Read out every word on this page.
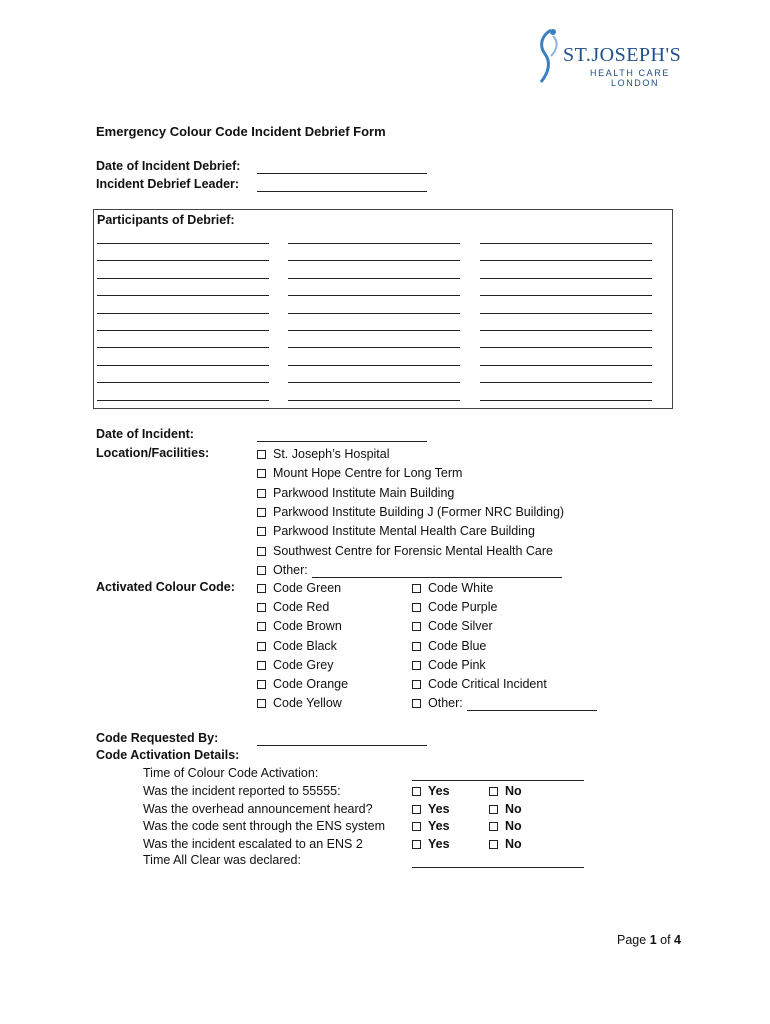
ST.JOSEPH'S
HEALTH CARE
LONDON
Emergency Colour Code Incident Debrief Form
Date of Incident Debrief:
Incident Debrief Leader:
Participants of Debrief:
Date of Incident:
Location/Facilities:	St. Joseph’s Hospital
Mount Hope Centre for Long Term
Parkwood Institute Main Building
Parkwood Institute Building J (Former NRC Building)
Parkwood Institute Mental Health Care Building
Southwest Centre for Forensic Mental Health Care
Other:
Activated Colour Code:	Code Green
Code Red
Code Brown
Code Black
Code Grey
Code Orange
Code Yellow
Code White
Code Purple
Code Silver
Code Blue
Code Pink
Code Critical Incident
Other:
Code Requested By:
Code Activation Details:
Time of Colour Code Activation:
Was the incident reported to 55555:	Yes	No
Was the overhead announcement heard?	Yes	No
Was the code sent through the ENS system	Yes	No
Was the incident escalated to an ENS 2	Yes	No
Time All Clear was declared:
Page 1 of 4
